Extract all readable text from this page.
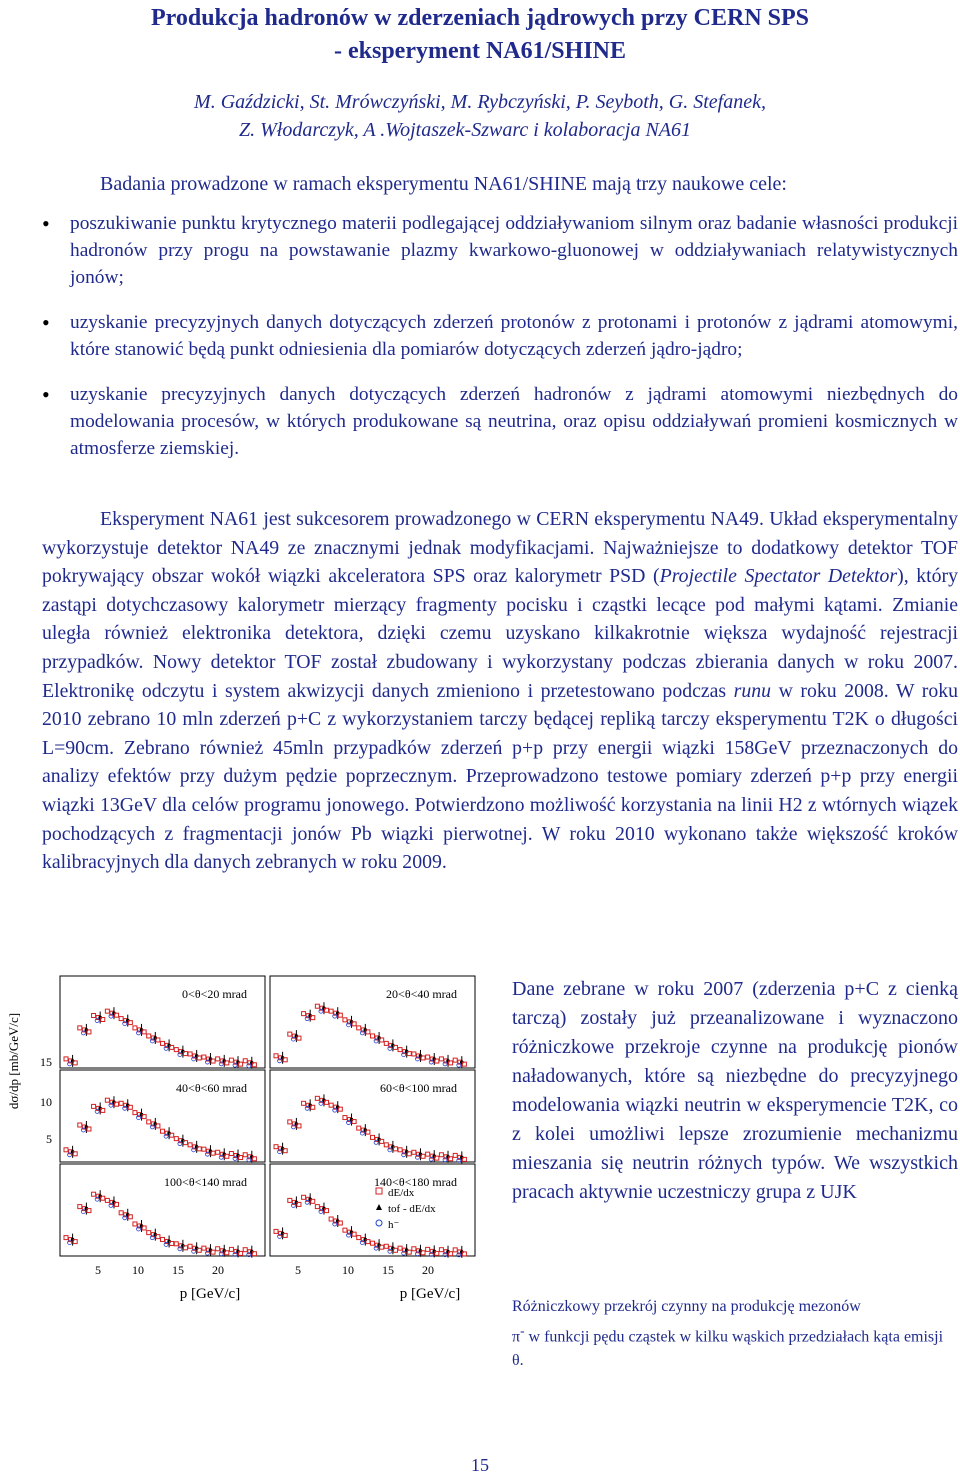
Produkcja hadronów w zderzeniach jądrowych przy CERN SPS
- eksperyment NA61/SHINE
M. Gaździcki, St. Mrówczyński, M. Rybczyński, P. Seyboth, G. Stefanek,
Z. Włodarczyk, A .Wojtaszek-Szwarc i kolaboracja NA61
Badania prowadzone w ramach eksperymentu NA61/SHINE mają trzy naukowe cele:
• poszukiwanie punktu krytycznego materii podlegającej oddziaływaniom silnym oraz badanie własności produkcji hadronów przy progu na powstawanie plazmy kwarkowo-gluonowej w oddziaływaniach relatywistycznych jonów;
• uzyskanie precyzyjnych danych dotyczących zderzeń protonów z protonami i protonów z jądrami atomowymi, które stanowić będą punkt odniesienia dla pomiarów dotyczących zderzeń jądro-jądro;
• uzyskanie precyzyjnych danych dotyczących zderzeń hadronów z jądrami atomowymi niezbędnych do modelowania procesów, w których produkowane są neutrina, oraz opisu oddziaływań promieni kosmicznych w atmosferze ziemskiej.

Eksperyment NA61 jest sukcesorem prowadzonego w CERN eksperymentu NA49. Układ eksperymentalny wykorzystuje detektor NA49 ze znacznymi jednak modyfikacjami. Najważniejsze to dodatkowy detektor TOF pokrywający obszar wokół wiązki akceleratora SPS oraz kalorymetr PSD (Projectile Spectator Detektor), który zastąpi dotychczasowy kalorymetr mierzący fragmenty pocisku i cząstki lecące pod małymi kątami. Zmianie uległa również elektronika detektora, dzięki czemu uzyskano kilkakrotnie większa wydajność rejestracji przypadków. Nowy detektor TOF został zbudowany i wykorzystany podczas zbierania danych w roku 2007. Elektronikę odczytu i system akwizycji danych zmieniono i przetestowano podczas runu w roku 2008. W roku 2010 zebrano 10 mln zderzeń p+C z wykorzystaniem tarczy będącej repliką tarczy eksperymentu T2K o długości L=90cm. Zebrano również 45mln przypadków zderzeń p+p przy energii wiązki 158GeV przeznaczonych do analizy efektów przy dużym pędzie poprzecznym. Przeprowadzono testowe pomiary zderzeń p+p przy energii wiązki 13GeV dla celów programu jonowego. Potwierdzono możliwość korzystania na linii H2 z wtórnych wiązek pochodzących z fragmentacji jonów Pb wiązki pierwotnej. W roku 2010 wykonano także większość kroków kalibracyjnych dla danych zebranych w roku 2009.

dσ/dp [mb/GeV/c] 15
10
5
0<θ<20 mrad	20<θ<40 mrad
40<θ<60 mrad	60<θ<100 mrad
100<θ<140 mrad	140<θ<180 mrad
5	10 15 20	5	10 15 20
p [GeV/c]	p [GeV/c]
dE/dx
tof - dE/dx
h⁻
Dane zebrane w roku 2007 (zderzenia p+C z cienką tarczą) zostały już przeanalizowane i wyznaczono różniczkowe przekroje czynne na produkcję pionów naładowanych, które są niezbędne do precyzyjnego modelowania wiązki neutrin w eksperymencie T2K, co z kolei umożliwi lepsze zrozumienie mechanizmu mieszania się neutrin różnych typów. We wszystkich pracach aktywnie uczestniczy grupa z UJK
Różniczkowy przekrój czynny na produkcję mezonów
π- w funkcji pędu cząstek w kilku wąskich przedziałach kąta emisji θ.
15
